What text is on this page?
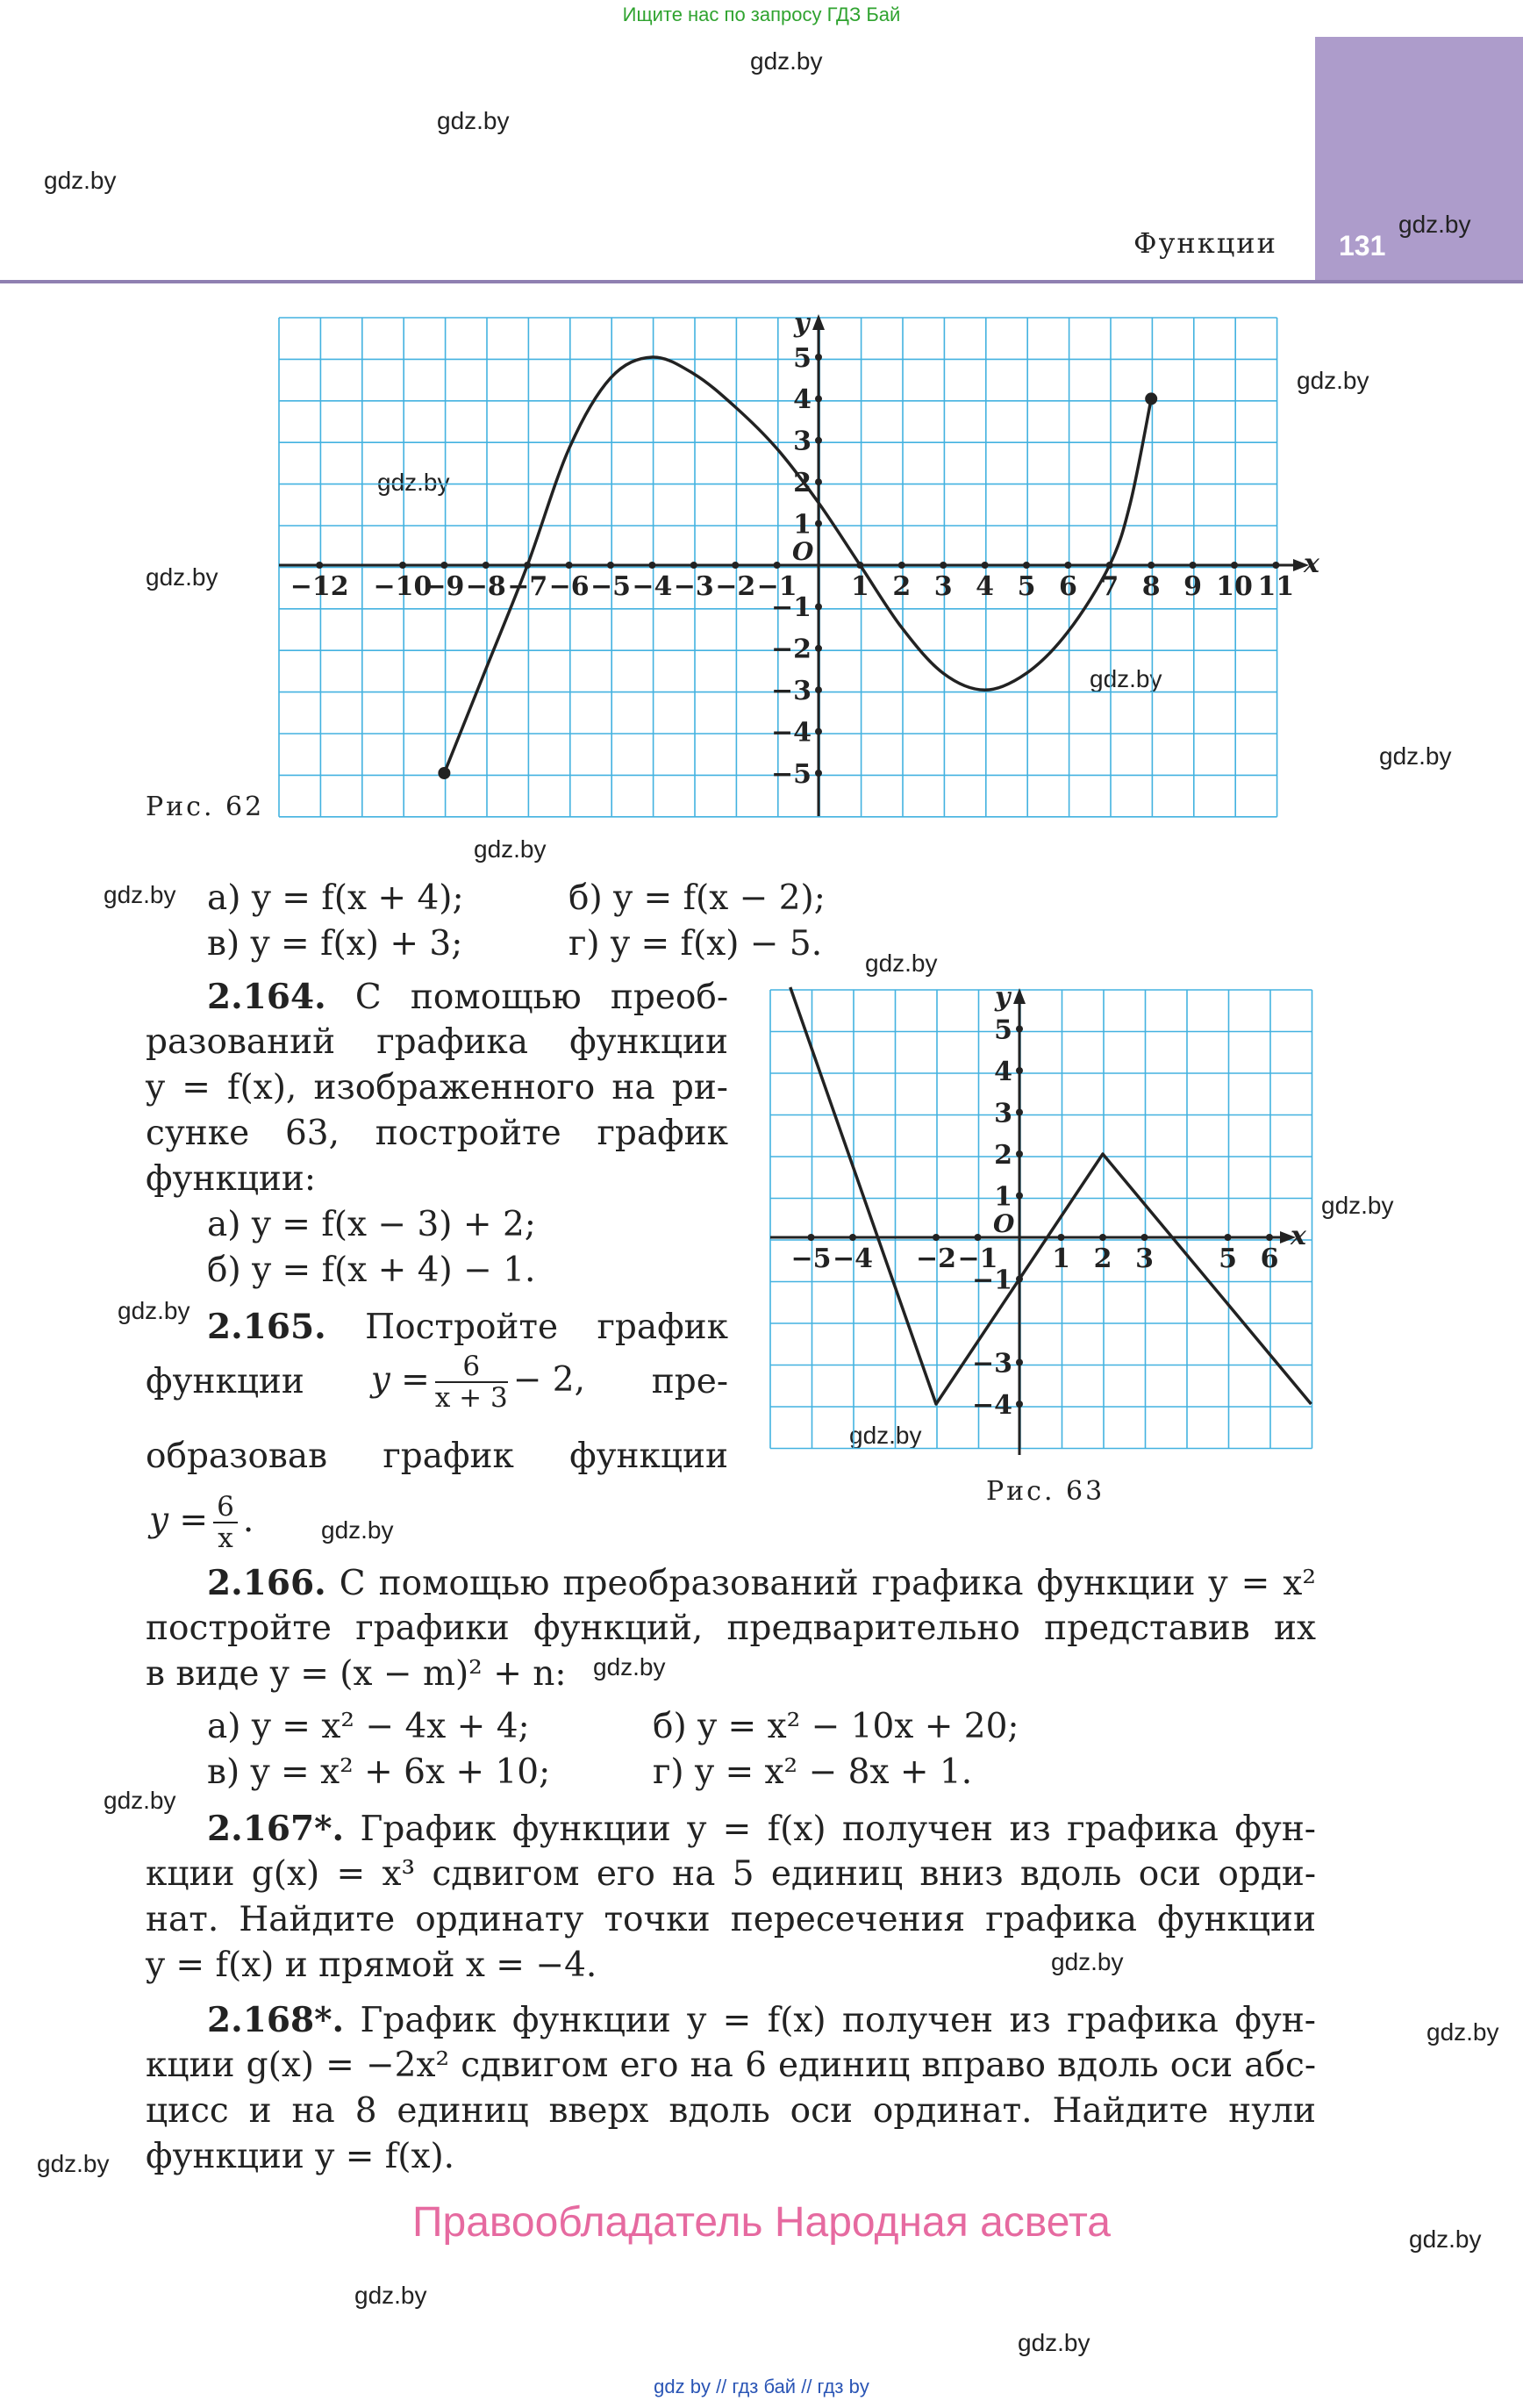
Ищите нас по запросу ГДЗ Бай
131
Функции
gdz.by
gdz.by
gdz.by
gdz.by
gdz.by
gdz.by
gdz.by
gdz.by
gdz.by
gdz.by
gdz.by
gdz.by
gdz.by
gdz.by
gdz.by
gdz.by
gdz.by
gdz.by
gdz.by
gdz.by
gdz.by
gdz.by
gdz.by
gdz.by
x
y
O
−12 −10
−9 −8 −7 −6 −5 −4 −3 −2 −1 1 2 3 4 5 6 7 8 9 10 11
5
4
3
2
1
−1
−2
−3
−4
−5
Рис. 62
а) y = f(x + 4);	б) y = f(x − 2);
в) y = f(x) + 3;	г) y = f(x) − 5.
2.164. С помощью преоб-
разований графика функции
y = f(x), изображенного на ри-
сунке 63, постройте график
функции:
а) y = f(x − 3) + 2;
б) y = f(x + 4) − 1.
2.165. Постройте график
функции $y = \frac{6}{x + 3} - 2$, пре-
образовав график функции
$y = \frac{6}{x}$ .
x
y
O
−5 −4 −2 −1 1 2 3 5 6
5
4
3
2
1
−1
−3
−4
Рис. 63
2.166. С помощью преобразований графика функции y = x²
постройте графики функций, предварительно представив их
в виде y = (x − m)² + n:
а) y = x² − 4x + 4;	б) y = x² − 10x + 20;
в) y = x² + 6x + 10;	г) y = x² − 8x + 1.
2.167*. График функции y = f(x) получен из графика фун-
кции g(x) = x³ сдвигом его на 5 единиц вниз вдоль оси орди-
нат. Найдите ординату точки пересечения графика функции
y = f(x) и прямой x = −4.
2.168*. График функции y = f(x) получен из графика фун-
кции g(x) = −2x² сдвигом его на 6 единиц вправо вдоль оси абс-
цисс и на 8 единиц вверх вдоль оси ординат. Найдите нули
функции y = f(x).
Правообладатель Народная асвета
gdz by // гдз бай // гдз by
